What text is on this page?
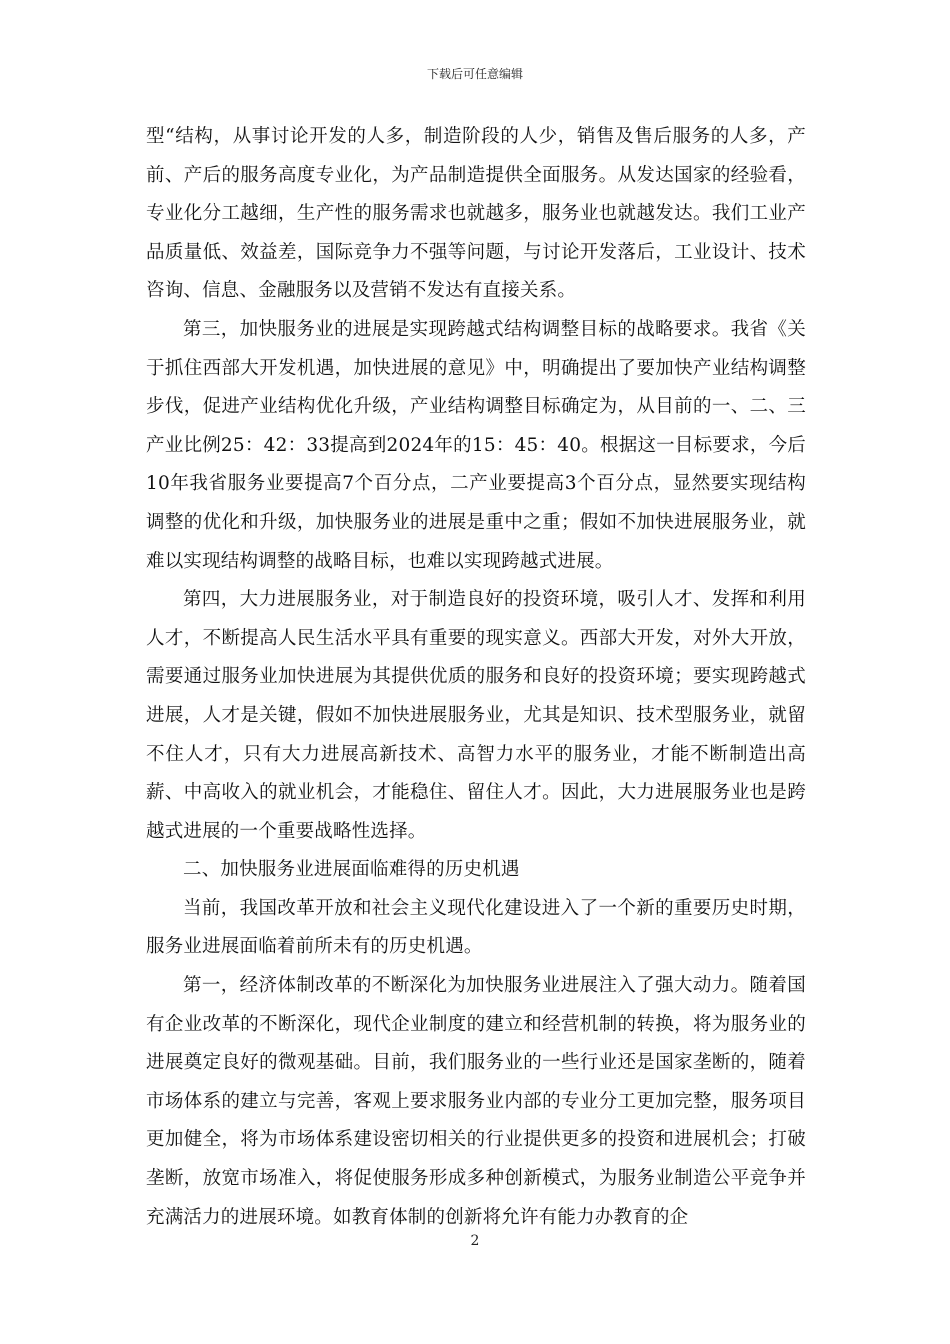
下载后可任意编辑

型“结构，从事讨论开发的人多，制造阶段的人少，销售及售后服务的人多，产前、产后的服务高度专业化，为产品制造提供全面服务。从发达国家的经验看，专业化分工越细，生产性的服务需求也就越多，服务业也就越发达。我们工业产品质量低、效益差，国际竞争力不强等问题，与讨论开发落后，工业设计、技术咨询、信息、金融服务以及营销不发达有直接关系。

第三，加快服务业的进展是实现跨越式结构调整目标的战略要求。我省《关于抓住西部大开发机遇，加快进展的意见》中，明确提出了要加快产业结构调整步伐，促进产业结构优化升级，产业结构调整目标确定为，从目前的一、二、三产业比例25：42：33提高到2024年的15：45：40。根据这一目标要求，今后10年我省服务业要提高7个百分点，二产业要提高3个百分点，显然要实现结构调整的优化和升级，加快服务业的进展是重中之重；假如不加快进展服务业，就难以实现结构调整的战略目标，也难以实现跨越式进展。

第四，大力进展服务业，对于制造良好的投资环境，吸引人才、发挥和利用人才，不断提高人民生活水平具有重要的现实意义。西部大开发，对外大开放，需要通过服务业加快进展为其提供优质的服务和良好的投资环境；要实现跨越式进展，人才是关键，假如不加快进展服务业，尤其是知识、技术型服务业，就留不住人才，只有大力进展高新技术、高智力水平的服务业，才能不断制造出高薪、中高收入的就业机会，才能稳住、留住人才。因此，大力进展服务业也是跨越式进展的一个重要战略性选择。

二、加快服务业进展面临难得的历史机遇

当前，我国改革开放和社会主义现代化建设进入了一个新的重要历史时期，服务业进展面临着前所未有的历史机遇。

第一，经济体制改革的不断深化为加快服务业进展注入了强大动力。随着国有企业改革的不断深化，现代企业制度的建立和经营机制的转换，将为服务业的进展奠定良好的微观基础。目前，我们服务业的一些行业还是国家垄断的，随着市场体系的建立与完善，客观上要求服务业内部的专业分工更加完整，服务项目更加健全，将为市场体系建设密切相关的行业提供更多的投资和进展机会；打破垄断，放宽市场准入，将促使服务形成多种创新模式，为服务业制造公平竞争并充满活力的进展环境。如教育体制的创新将允许有能力办教育的企

2
